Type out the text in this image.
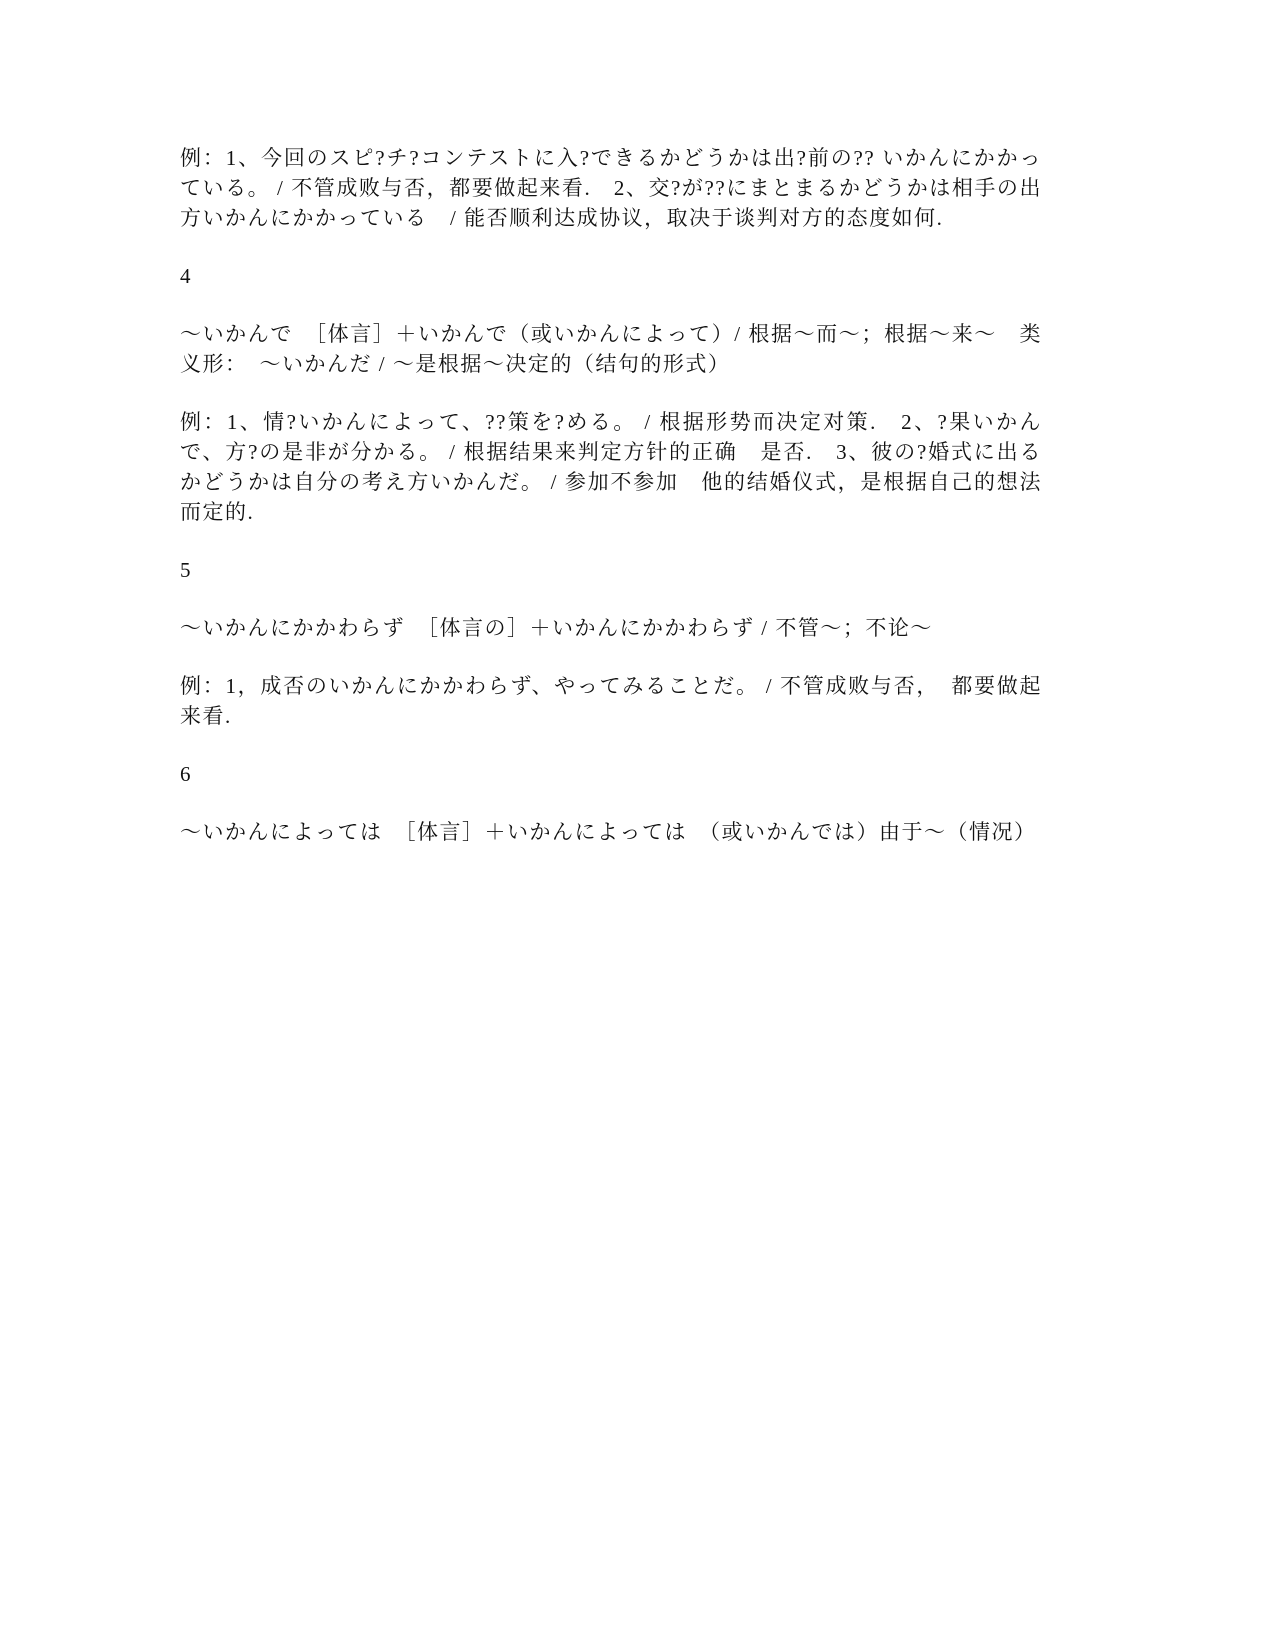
例：1、今回のスピ?チ?コンテストに入?できるかどうかは出?前の?? いかんにかかっている。 / 不管成败与否，都要做起来看.　2、交?が??にまとまるかどうかは相手の出方いかんにかかっている　/ 能否顺利达成协议，取决于谈判对方的态度如何.

4

～いかんで　［体言］＋いかんで（或いかんによって）/ 根据～而～；根据～来～　类义形：　～いかんだ / ～是根据～决定的（结句的形式）

例：1、情?いかんによって、??策を?める。 / 根据形势而决定对策.　2、?果いかんで、方?の是非が分かる。 / 根据结果来判定方针的正确　是否.　3、彼の?婚式に出るかどうかは自分の考え方いかんだ。 / 参加不参加　他的结婚仪式，是根据自己的想法而定的.

5

～いかんにかかわらず　［体言の］＋いかんにかかわらず / 不管～；不论～

例：1，成否のいかんにかかわらず、やってみることだ。 / 不管成败与否，　都要做起来看.

6

～いかんによっては　［体言］＋いかんによっては　（或いかんでは）由于～（情况）
